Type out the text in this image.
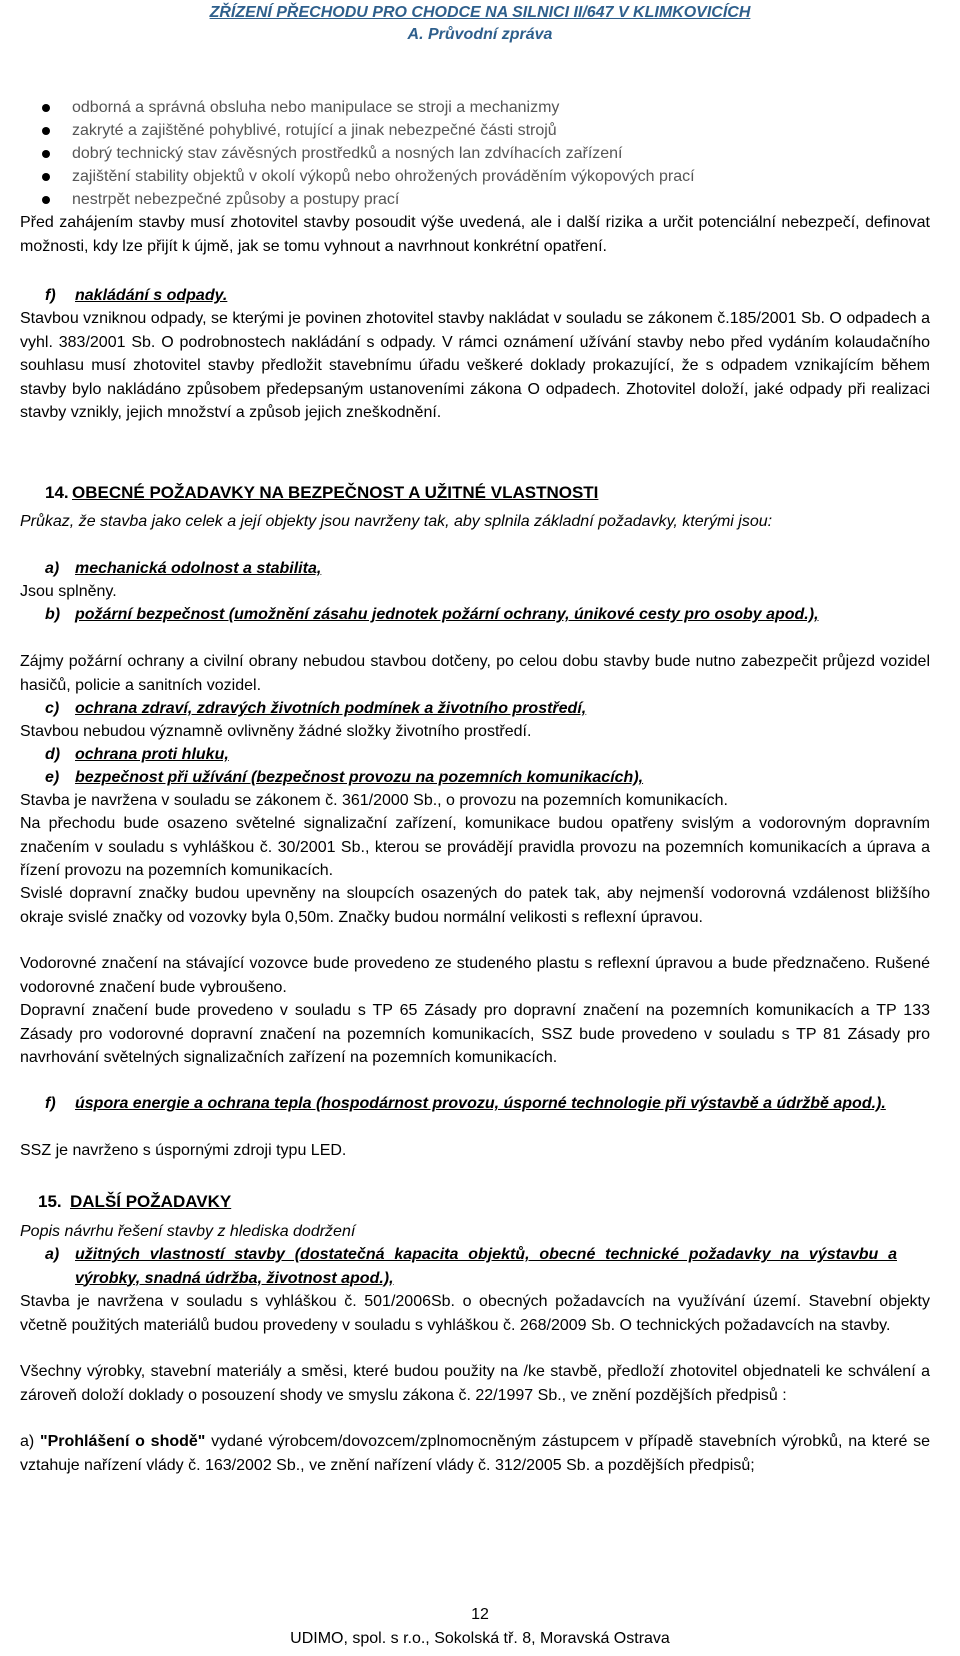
ZŘÍZENÍ PŘECHODU PRO CHODCE NA SILNICI II/647 V KLIMKOVICÍCH
A. Průvodní zpráva
odborná a správná obsluha nebo manipulace se stroji a mechanizmy
zakryté a zajištěné pohyblivé, rotující a jinak nebezpečné části strojů
dobrý technický stav závěsných prostředků a nosných lan zdvíhacích zařízení
zajištění stability objektů v okolí výkopů nebo ohrožených prováděním výkopových prací
nestrpět nebezpečné způsoby a postupy prací
Před zahájením stavby musí zhotovitel stavby posoudit výše uvedená, ale i další rizika a určit potenciální nebezpečí, definovat možnosti, kdy lze přijít k újmě, jak se tomu vyhnout a navrhnout konkrétní opatření.
f) nakládání s odpady.
Stavbou vzniknou odpady, se kterými je povinen zhotovitel stavby nakládat v souladu se zákonem č.185/2001 Sb. O odpadech a vyhl. 383/2001 Sb. O podrobnostech nakládání s odpady. V rámci oznámení užívání stavby nebo před vydáním kolaudačního souhlasu musí zhotovitel stavby předložit stavebnímu úřadu veškeré doklady prokazující, že s odpadem vznikajícím během stavby bylo nakládáno způsobem předepsaným ustanoveními zákona O odpadech. Zhotovitel doloží, jaké odpady při realizaci stavby vznikly, jejich množství a způsob jejich zneškodnění.
14. OBECNÉ POŽADAVKY NA BEZPEČNOST A UŽITNÉ VLASTNOSTI
Průkaz, že stavba jako celek a její objekty jsou navrženy tak, aby splnila základní požadavky, kterými jsou:
a) mechanická odolnost a stabilita,
Jsou splněny.
b) požární bezpečnost (umožnění zásahu jednotek požární ochrany, únikové cesty pro osoby apod.),
Zájmy požární ochrany a civilní obrany nebudou stavbou dotčeny, po celou dobu stavby bude nutno zabezpečit průjezd vozidel hasičů, policie a sanitních vozidel.
c) ochrana zdraví, zdravých životních podmínek a životního prostředí,
Stavbou nebudou významně ovlivněny žádné složky životního prostředí.
d) ochrana proti hluku,
e) bezpečnost při užívání (bezpečnost provozu na pozemních komunikacích),
Stavba je navržena v souladu se zákonem č. 361/2000 Sb., o provozu na pozemních komunikacích.
Na přechodu bude osazeno světelné signalizační zařízení, komunikace budou opatřeny svislým a vodorovným dopravním značením v souladu s vyhláškou č. 30/2001 Sb., kterou se provádějí pravidla provozu na pozemních komunikacích a úprava a řízení provozu na pozemních komunikacích.
Svislé dopravní značky budou upevněny na sloupcích osazených do patek tak, aby nejmenší vodorovná vzdálenost bližšího okraje svislé značky od vozovky byla 0,50m. Značky budou normální velikosti s reflexní úpravou.
Vodorovné značení na stávající vozovce bude provedeno ze studeného plastu s reflexní úpravou a bude předznačeno. Rušené vodorovné značení bude vybroušeno.
Dopravní značení bude provedeno v souladu s TP 65 Zásady pro dopravní značení na pozemních komunikacích a TP 133 Zásady pro vodorovné dopravní značení na pozemních komunikacích, SSZ bude provedeno v souladu s TP 81 Zásady pro navrhování světelných signalizačních zařízení na pozemních komunikacích.
f) úspora energie a ochrana tepla (hospodárnost provozu, úsporné technologie při výstavbě a údržbě apod.).
SSZ je navrženo s úspornými zdroji typu LED.
15. DALŠÍ POŽADAVKY
Popis návrhu řešení stavby z hlediska dodržení
a) užitných vlastností stavby (dostatečná kapacita objektů, obecné technické požadavky na výstavbu a výrobky, snadná údržba, životnost apod.),
Stavba je navržena v souladu s vyhláškou č. 501/2006Sb. o obecných požadavcích na využívání území. Stavební objekty včetně použitých materiálů budou provedeny v souladu s vyhláškou č. 268/2009 Sb. O technických požadavcích na stavby.
Všechny výrobky, stavební materiály a směsi, které budou použity na /ke stavbě, předloží zhotovitel objednateli ke schválení a zároveň doloží doklady o posouzení shody ve smyslu zákona č. 22/1997 Sb., ve znění pozdějších předpisů :
a) "Prohlášení o shodě" vydané výrobcem/dovozcem/zplnomocněným zástupcem v případě stavebních výrobků, na které se vztahuje nařízení vlády č. 163/2002 Sb., ve znění nařízení vlády č. 312/2005 Sb. a pozdějších předpisů;
12
UDIMO, spol. s r.o., Sokolská tř. 8, Moravská Ostrava
